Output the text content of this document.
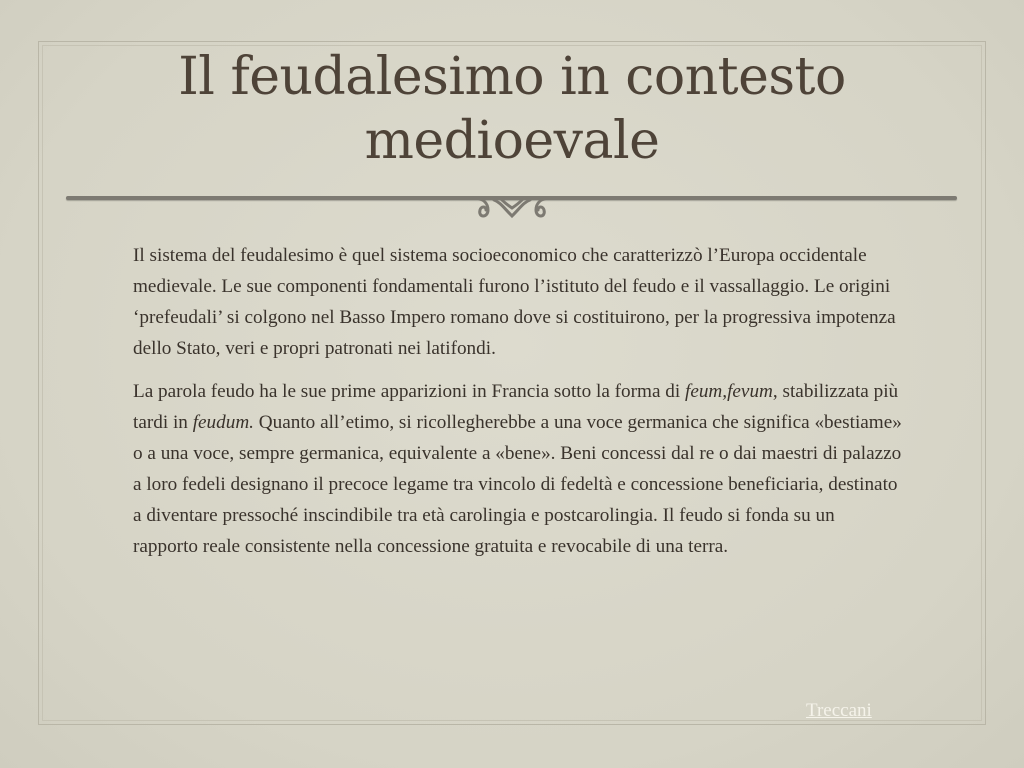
Il feudalesimo in contesto
medioevale

Il sistema del feudalesimo è quel sistema socioeconomico che caratterizzò l’Europa occidentale medievale. Le sue componenti fondamentali furono l’istituto del feudo e il vassallaggio. Le origini ‘prefeudali’ si colgono nel Basso Impero romano dove si costituirono, per la progressiva impotenza dello Stato, veri e propri patronati nei latifondi.

La parola feudo ha le sue prime apparizioni in Francia sotto la forma di feum,fevum, stabilizzata più tardi in feudum. Quanto all’etimo, si ricollegherebbe a una voce germanica che significa «bestiame» o a una voce, sempre germanica, equivalente a «bene». Beni concessi dal re o dai maestri di palazzo a loro fedeli designano il precoce legame tra vincolo di fedeltà e concessione beneficiaria, destinato a diventare pressoché inscindibile tra età carolingia e postcarolingia. Il feudo si fonda su un rapporto reale consistente nella concessione gratuita e revocabile di una terra.

Treccani
